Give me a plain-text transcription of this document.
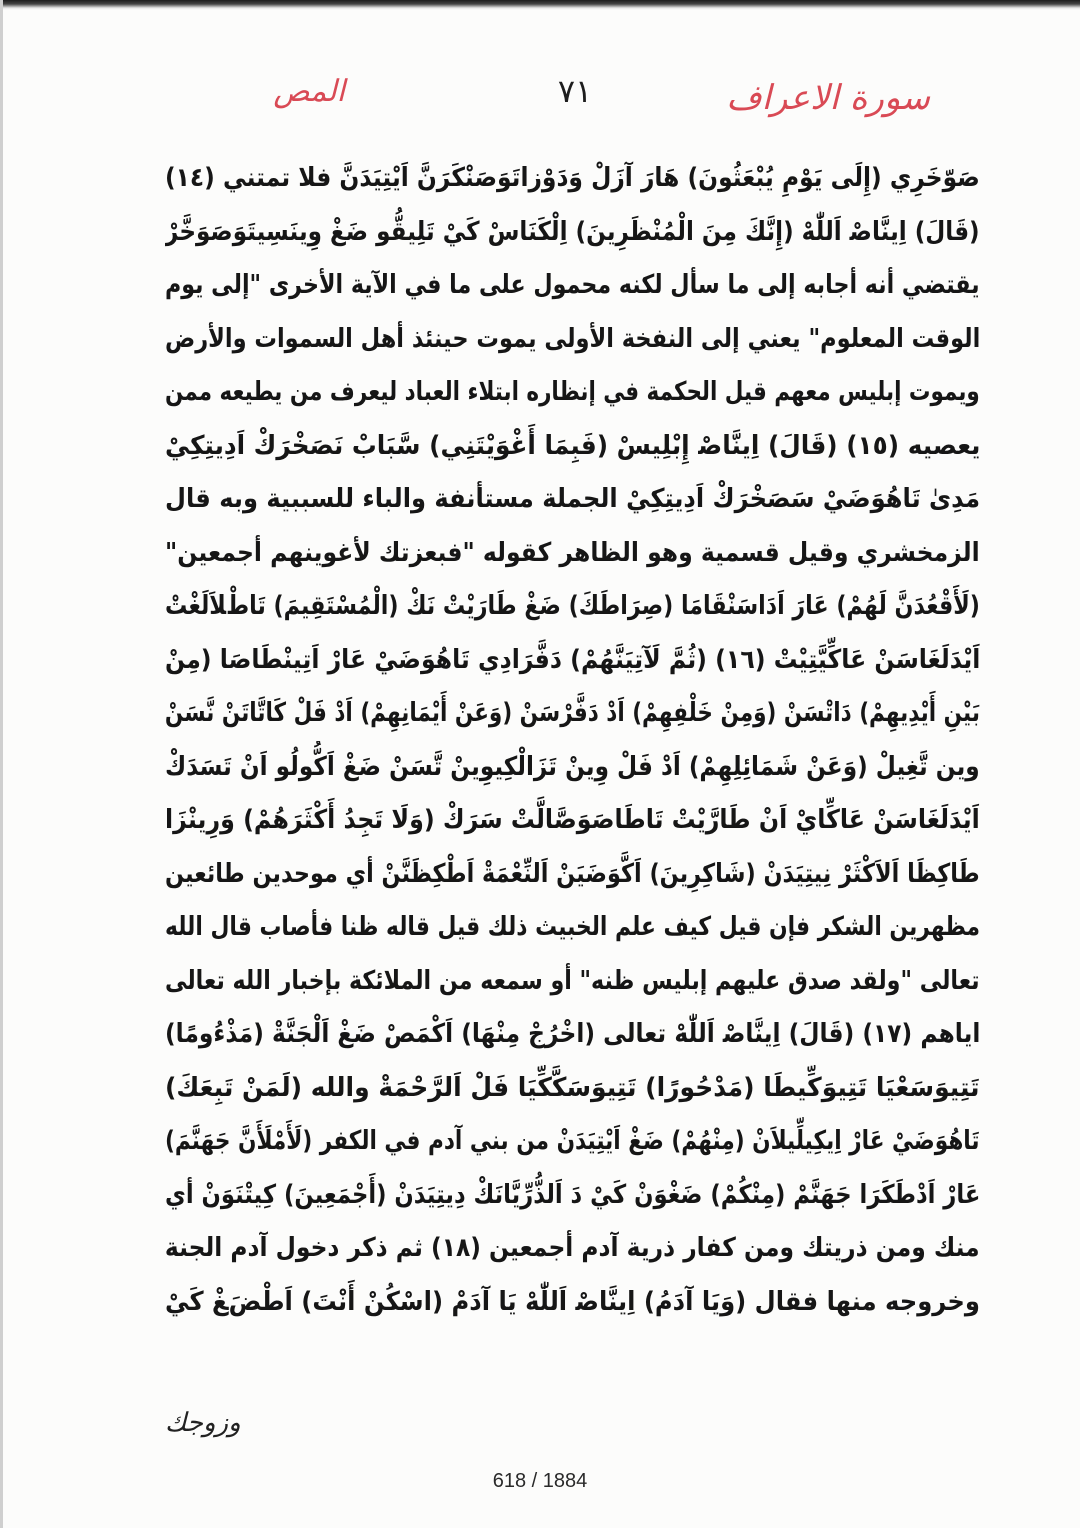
سورة الاعراف
٧١
المص
ﺻَﻮّﺧَﺮِي (إِلَى يَوْمِ يُبْعَثُونَ) ﻫَﺎرَ ﺁزَلْ وَﺩَوْزﺍﺗَﻮَﺻَﻨْﻜَﺮَنَّ ﺍَﻳْﺘِﻴَﺪَنَّ فلا تمتني (١٤)
(قَالَ) ﺍِﻳﻨَّﺎﺻْ ﺍَللّٰهْ (إِنَّكَ مِنَ الْمُنْظَرِينَ) ﺍِﻟْﻜَﻨَﺎسْ ﻛَﻲْ ﺗَﻠِﻴﻘُّﻮ ﺿَﻎْ ﻭِﻳﻨَﺴِﻴﺘَﻮَﺻَﻮَﺧَّﺮْ
يقتضي أنه أجابه إلى ما سأل لكنه محمول على ما في الآية الأخرى "إلى يوم
الوقت المعلوم" يعني إلى النفخة الأولى يموت حينئذ أهل السموات والأرض
ويموت إبليس معهم قيل الحكمة في إنظاره ابتلاء العباد ليعرف من يطيعه ممن
يعصيه (١٥) (قَالَ) ﺍِﻳﻨَّﺎﺻْ إِبْلِيسْ (فَبِمَا أَغْوَيْتَنِي) ﺳَّﺒَﺎﺏْ ﻧَﺼَﺨْﺮَﻙْ ﺍَﺩِﻳﺘِﻜِﻲْ
ﻣَﺪِﻯٰ ﺗَﺎﻫُﻮَﺿَﻲْ ﺳَﺼَﺨْﺮَﻙْ ﺍَﺩِﻳﺘِﻜِﻲْ الجملة مستأنفة والباء للسببية وبه قال
الزمخشري وقيل قسمية وهو الظاهر كقوله "فبعزتك لأغوينهم أجمعين"
(لَأَقْعُدَنَّ لَهُمْ) ﻋَﺎرَ ﺍَﺩَﺍﺳَﻨْﻘَﺎﻣَﺎ (صِرَاطَكَ) ﺿَﻎْ ﻃَﺎﺭَﻳْﺖْ ﻧَﻚْ (الْمُسْتَقِيمَ) ﺗَﺎﻁْﻼَﻟَﻐْﺖْ
ﺍَﻳْﺪَﻟَﻐَﺎﺳَﻦْ ﻋَﺎﻛِّﻴَّﺘِﻴْﺖْ (١٦) (ثُمَّ لَآتِيَنَّهُمْ) ﺩَﻓَّﺮَﺍﺩِﻱ ﺗَﺎﻫُﻮَﺿَﻲْ ﻋَﺎرْ ﺍَﺗِﻴﻨْﻄَﺎﺻَﺎ (مِنْ
بَيْنِ أَيْدِيهِمْ) ﺩَﺍﺗْﺴَﻦْ (وَمِنْ خَلْفِهِمْ) ﺍَﺩْ ﺩَﻓَّﺮْﺳَﻦْ (وَعَنْ أَيْمَانِهِمْ) ﺍَﺩْ ﻓَﻞْ ﻛَﺎﺗَّﺎﺗَﻦْ ﻧَّﺴَﻦْ
وين تَّغِيلْ (وَعَنْ شَمَائِلِهِمْ) ﺍَﺩْ ﻓَﻞْ ﻭِﻳﻦْ ﺗَﺰَﺍﻟْﻜِﻴﻮِﻳﻦْ ﺗَّﺴَﻦْ ﺿَﻎْ ﺍَﻛُّﻮﻟُﻮ ﺍَﻥْ ﺗَﺴَﺪَﻙْ
ﺍَﻳْﺪَﻟَﻐَﺎﺳَﻦْ ﻋَﺎﻛِّﺎﻱْ ﺍَﻥْ ﻃَﺎﺭَّﻳْﺖْ ﺗَﺎﻃَﺎﺻَﻮَﺻَّﺎﻟَّﺖْ ﺳَﺮَﻙْ (وَلَا تَجِدُ أَكْثَرَهُمْ) ﻭَﺭِﻳﻨْﺰَﺍ
ﻃَﺎﻛِﻈَﺎ ﺍَﻻَﻛْﺜَﺮْ ﻧِﻴﺘِﻴَﺪَنْ (شَاكِرِينَ) ﺍَﻛَّﻮَﺿَﻴَﻦْ ﺍَﻟﻨِّﻌْﻤَﺔْ ﺍَﻃْﻜِﻈَﻨَّﻦْ أي موحدين طائعين
مظهرين الشكر فإن قيل كيف علم الخبيث ذلك قيل قاله ظنا فأصاب قال الله
تعالى "ولقد صدق عليهم إبليس ظنه" أو سمعه من الملائكة بإخبار الله تعالى
اياهم (١٧) (قَالَ) ﺍِﻳﻨَّﺎﺻْ ﺍَللّٰهْ تعالى (اخْرُجْ مِنْهَا) ﺍَﻛْﻤَﺺْ ﺿَﻎْ ﺍَﻟْﺠَﻨَّﺔْ (مَذْءُومًا)
ﺗَﺘِﻴﻮَﺳَﻌْﻴَﺎ ﺗَﺘِﻴﻮَﻛِّﻴﻄَﺎ (مَدْحُورًا) ﺗَﺘِﻴﻮَﺳَﻜَّﻜِّﻴَﺎ ﻓَﻞْ ﺍَﻟﺮَّﺣْﻤَﺔْ والله (لَمَنْ تَبِعَكَ)
ﺗَﺎﻫُﻮَﺿَﻲْ ﻋَﺎرْ ﺍِﻳﻜِﻴﻠِّﻴﻼَﻥْ (مِنْهُمْ) ﺿَﻎْ ﺍَﻳْﺘِﻴَﺪَنْ من بني آدم في الكفر (لَأَمْلَأَنَّ جَهَنَّمَ)
ﻋَﺎرْ ﺍَﺩْﻃَﻜَﺮَﺍ ﺟَﻬَﻨَّﻢْ (مِنْكُمْ) ﺿَﻐْﻮَﻥْ ﻛَﻲْ ﺩَ ﺍَﻟﺬُّﺭِّﻳَّﺎﻧَﻚْ ﺩِﻳﺘِﻴَﺪَنْ (أَجْمَعِينَ) ﻛِﻴﺘْﻨَﻮَﻥْ أي
منك ومن ذريتك ومن كفار ذرية آدم أجمعين (١٨) ثم ذكر دخول آدم الجنة
وخروجه منها فقال (وَيَا آدَمُ) ﺍِﻳﻨَّﺎﺻْ ﺍَللّٰهْ يَا آدَمْ (اسْكُنْ أَنْتَ) ﺍَﻃْﺾَﻎْ ﻛَﻲْ
وزوجك
618 / 1884
